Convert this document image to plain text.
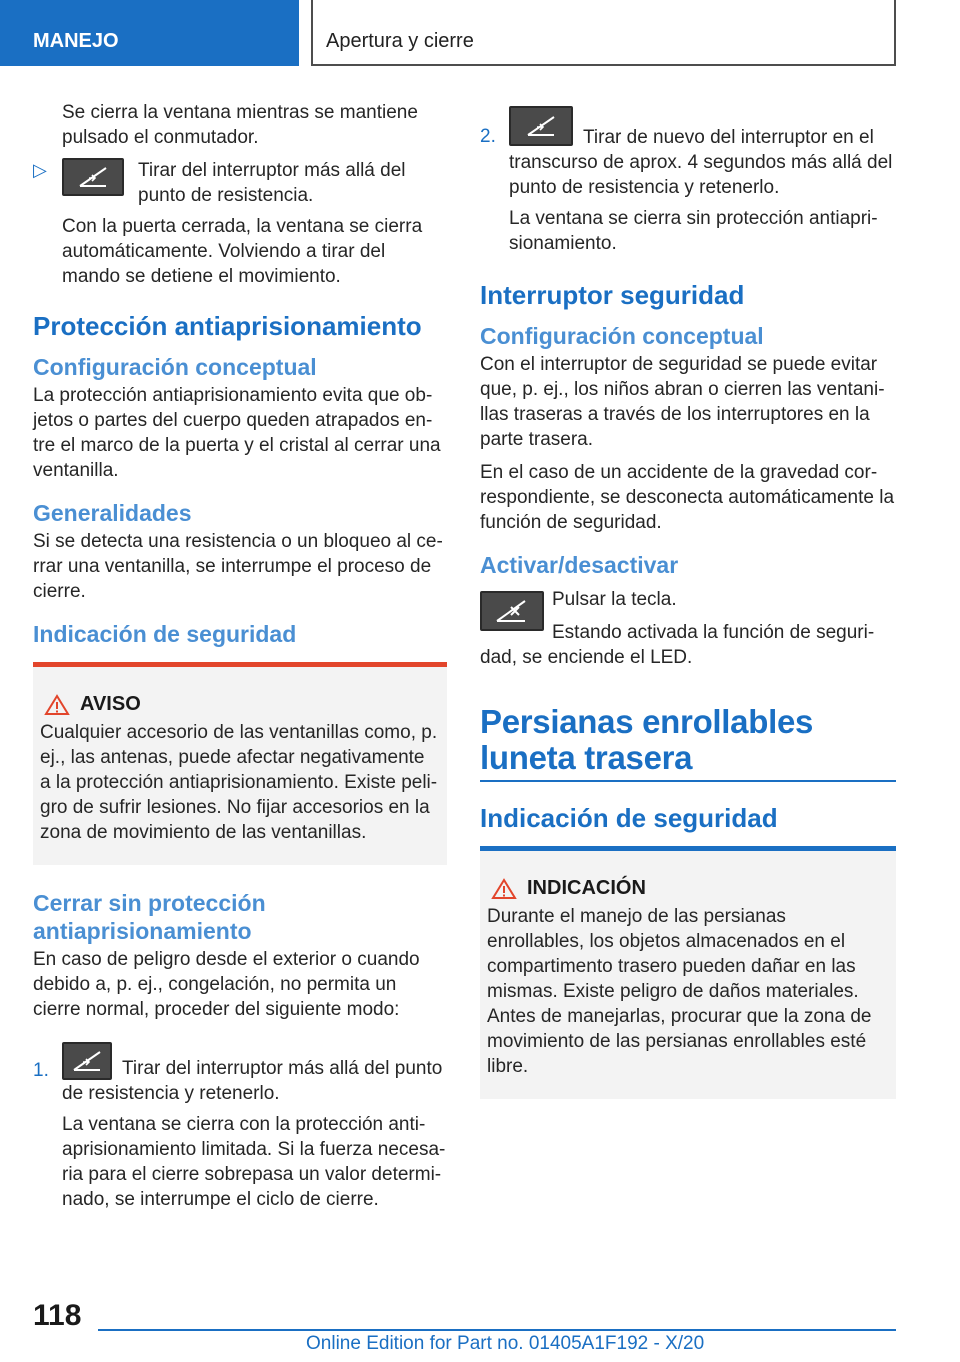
MANEJO	Apertura y cierre

Se cierra la ventana mientras se mantiene pulsado el conmutador.

▷	Tirar del interruptor más allá del punto de resistencia.

Con la puerta cerrada, la ventana se cierra automáticamente. Volviendo a tirar del mando se detiene el movimiento.

Protección antiaprisionamiento
Configuración conceptual

La protección antiaprisionamiento evita que objetos o partes del cuerpo queden atrapados entre el marco de la puerta y el cristal al cerrar una ventanilla.

Generalidades

Si se detecta una resistencia o un bloqueo al cerrar una ventanilla, se interrumpe el proceso de cierre.

Indicación de seguridad
AVISO

Cualquier accesorio de las ventanillas como, p. ej., las antenas, puede afectar negativamente a la protección antiaprisionamiento. Existe peligro de sufrir lesiones. No fijar accesorios en la zona de movimiento de las ventanillas.

Cerrar sin protección antiaprisionamiento

En caso de peligro desde el exterior o cuando debido a, p. ej., congelación, no permita un cierre normal, proceder del siguiente modo:

1.	Tirar del interruptor más allá del punto de resistencia y retenerlo.

La ventana se cierra con la protección antiaprisionamiento limitada. Si la fuerza necesaria para el cierre sobrepasa un valor determinado, se interrumpe el ciclo de cierre.

2.	Tirar de nuevo del interruptor en el transcurso de aprox. 4 segundos más allá del punto de resistencia y retenerlo.

La ventana se cierra sin protección antiaprisionamiento.

Interruptor seguridad
Configuración conceptual

Con el interruptor de seguridad se puede evitar que, p. ej., los niños abran o cierren las ventanillas traseras a través de los interruptores en la parte trasera.

En el caso de un accidente de la gravedad correspondiente, se desconecta automáticamente la función de seguridad.

Activar/desactivar

Pulsar la tecla.

Estando activada la función de seguridad, se enciende el LED.

Persianas enrollables luneta trasera
Indicación de seguridad
INDICACIÓN

Durante el manejo de las persianas enrollables, los objetos almacenados en el compartimento trasero pueden dañar en las mismas. Existe peligro de daños materiales. Antes de manejarlas, procurar que la zona de movimiento de las persianas enrollables esté libre.

118
Online Edition for Part no. 01405A1F192 - X/20
